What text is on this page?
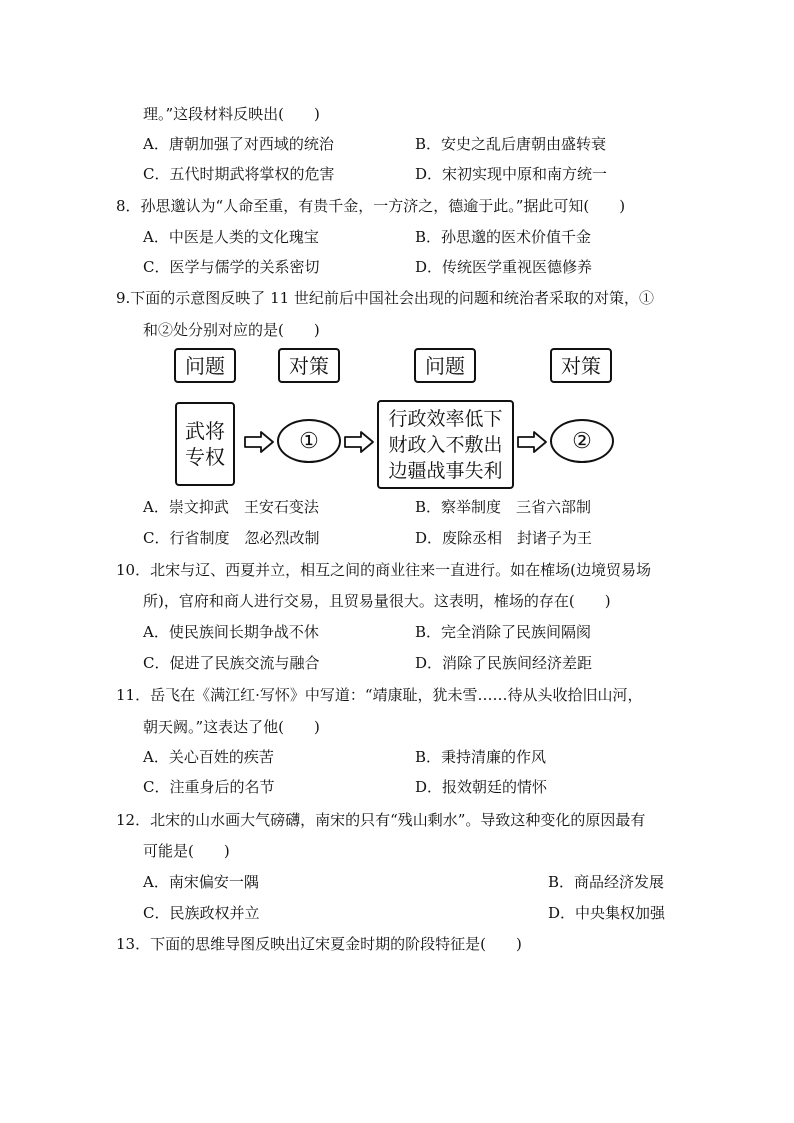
理。”这段材料反映出(　　)
A．唐朝加强了对西域的统治	B．安史之乱后唐朝由盛转衰
C．五代时期武将掌权的危害	D．宋初实现中原和南方统一
8．孙思邈认为“人命至重，有贵千金，一方济之，德逾于此。”据此可知(　　)
A．中医是人类的文化瑰宝	B．孙思邈的医术价值千金
C．医学与儒学的关系密切	D．传统医学重视医德修养
9.下面的示意图反映了 11 世纪前后中国社会出现的问题和统治者采取的对策，①
和②处分别对应的是(　　)
问题	对策	问题	对策
武将
专权
①
行政效率低下
财政入不敷出
边疆战事失利
②
A．崇文抑武　王安石变法	B．察举制度　三省六部制
C．行省制度　忽必烈改制	D．废除丞相　封诸子为王
10．北宋与辽、西夏并立，相互之间的商业往来一直进行。如在榷场(边境贸易场
所)，官府和商人进行交易，且贸易量很大。这表明，榷场的存在(　　)
A．使民族间长期争战不休	B．完全消除了民族间隔阂
C．促进了民族交流与融合	D．消除了民族间经济差距
11．岳飞在《满江红·写怀》中写道：“靖康耻，犹未雪……待从头收拾旧山河，
朝天阙。”这表达了他(　　)
A．关心百姓的疾苦	B．秉持清廉的作风
C．注重身后的名节	D．报效朝廷的情怀
12．北宋的山水画大气磅礴，南宋的只有“残山剩水”。导致这种变化的原因最有
可能是(　　)
A．南宋偏安一隅	B．商品经济发展
C．民族政权并立	D．中央集权加强
13．下面的思维导图反映出辽宋夏金时期的阶段特征是(　　)
